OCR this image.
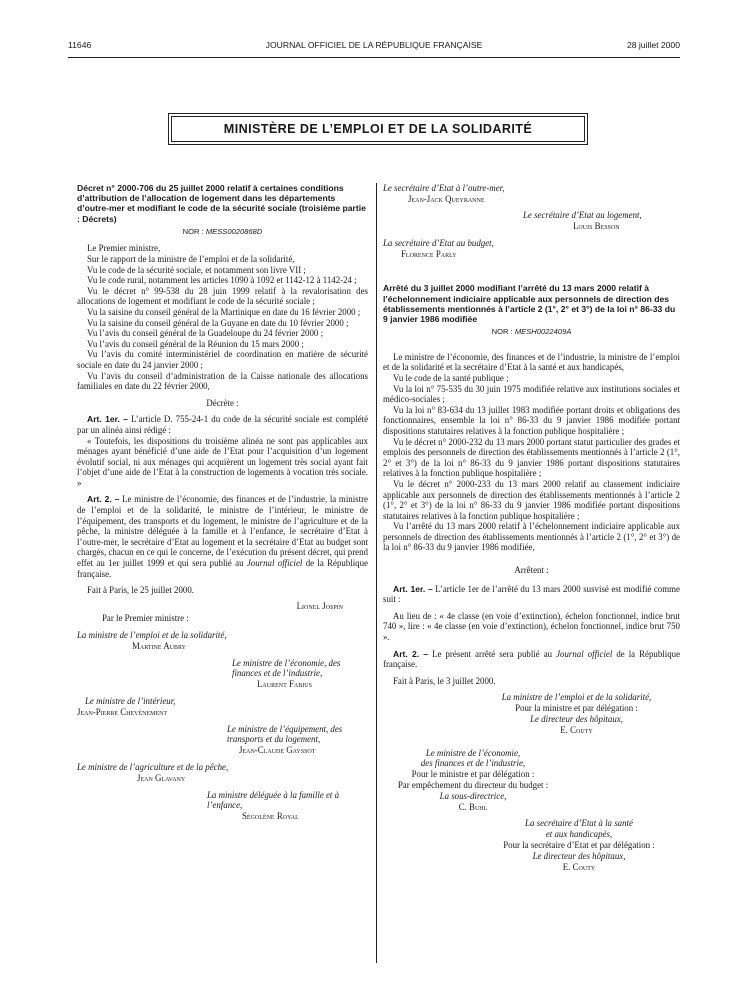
11646	JOURNAL OFFICIEL DE LA RÉPUBLIQUE FRANÇAISE	28 juillet 2000
MINISTÈRE DE L’EMPLOI ET DE LA SOLIDARITÉ
Décret n° 2000-706 du 25 juillet 2000 relatif à certaines conditions d’attribution de l’allocation de logement dans les départements d’outre-mer et modifiant le code de la sécurité sociale (troisième partie : Décrets)
NOR : MESS0020868D

Le Premier ministre,

Sur le rapport de la ministre de l’emploi et de la solidarité,

Vu le code de la sécurité sociale, et notamment son livre VII ;

Vu le code rural, notamment les articles 1090 à 1092 et 1142-12 à 1142-24 ;

Vu le décret n° 99-538 du 28 juin 1999 relatif à la revalorisation des allocations de logement et modifiant le code de la sécurité sociale ;

Vu la saisine du conseil général de la Martinique en date du 16 février 2000 ;

Vu la saisine du conseil général de la Guyane en date du 10 février 2000 ;

Vu l’avis du conseil général de la Guadeloupe du 24 février 2000 ;

Vu l’avis du conseil général de la Réunion du 15 mars 2000 ;

Vu l’avis du comité interministériel de coordination en matière de sécurité sociale en date du 24 janvier 2000 ;

Vu l’avis du conseil d’administration de la Caisse nationale des allocations familiales en date du 22 février 2000,

Décrète :

Art. 1er. – L’article D. 755-24-1 du code de la sécurité sociale est complété par un alinéa ainsi rédigé :

« Toutefois, les dispositions du troisième alinéa ne sont pas applicables aux ménages ayant bénéficié d’une aide de l’Etat pour l’acquisition d’un logement évolutif social, ni aux ménages qui acquièrent un logement très social ayant fait l’objet d’une aide de l’Etat à la construction de logements à vocation très sociale. »

Art. 2. – Le ministre de l’économie, des finances et de l’industrie, la ministre de l’emploi et de la solidarité, le ministre de l’intérieur, le ministre de l’équipement, des transports et du logement, le ministre de l’agriculture et de la pêche, la ministre déléguée à la famille et à l’enfance, le secrétaire d’Etat à l’outre-mer, le secrétaire d’Etat au logement et la secrétaire d’Etat au budget sont chargés, chacun en ce qui le concerne, de l’exécution du présent décret, qui prend effet au 1er juillet 1999 et qui sera publié au Journal officiel de la République française.

Fait à Paris, le 25 juillet 2000.

Lionel Jospin
Par le Premier ministre :
La ministre de l’emploi et de la solidarité,
Martine Aubry
Le ministre de l’économie, des finances et de l’industrie,
Laurent Fabius
Le ministre de l’intérieur,
Jean-Pierre Chevènement
Le ministre de l’équipement, des transports et du logement,
Jean-Claude Gayssot
Le ministre de l’agriculture et de la pêche,
Jean Glavany
La ministre déléguée à la famille et à l’enfance,
Ségolène Royal
Le secrétaire d’Etat à l’outre-mer,
Jean-Jack Queyranne
Le secrétaire d’Etat au logement,
Louis Besson
La secrétaire d’Etat au budget,
Florence Parly
Arrêté du 3 juillet 2000 modifiant l’arrêté du 13 mars 2000 relatif à l’échelonnement indiciaire applicable aux personnels de direction des établissements mentionnés à l’article 2 (1°, 2° et 3°) de la loi n° 86-33 du 9 janvier 1986 modifiée
NOR : MESH0022409A

Le ministre de l’économie, des finances et de l’industrie, la ministre de l’emploi et de la solidarité et la secrétaire d’Etat à la santé et aux handicapés,

Vu le code de la santé publique ;

Vu la loi n° 75-535 du 30 juin 1975 modifiée relative aux institutions sociales et médico-sociales ;

Vu la loi n° 83-634 du 13 juillet 1983 modifiée portant droits et obligations des fonctionnaires, ensemble la loi n° 86-33 du 9 janvier 1986 modifiée portant dispositions statutaires relatives à la fonction publique hospitalière ;

Vu le décret n° 2000-232 du 13 mars 2000 portant statut particulier des grades et emplois des personnels de direction des établissements mentionnés à l’article 2 (1°, 2° et 3°) de la loi n° 86-33 du 9 janvier 1986 portant dispositions statutaires relatives à la fonction publique hospitalière ;

Vu le décret n° 2000-233 du 13 mars 2000 relatif au classement indiciaire applicable aux personnels de direction des établissements mentionnés à l’article 2 (1°, 2° et 3°) de la loi n° 86-33 du 9 janvier 1986 modifiée portant dispositions statutaires relatives à la fonction publique hospitalière ;

Vu l’arrêté du 13 mars 2000 relatif à l’échelonnement indiciaire applicable aux personnels de direction des établissements mentionnés à l’article 2 (1°, 2° et 3°) de la loi n° 86-33 du 9 janvier 1986 modifiée,

Arrêtent :

Art. 1er. – L’article 1er de l’arrêté du 13 mars 2000 susvisé est modifié comme suit :

Au lieu de : « 4e classe (en voie d’extinction), échelon fonctionnel, indice brut 740 », lire : « 4e classe (en voie d’extinction), échelon fonctionnel, indice brut 750 ».

Art. 2. – Le présent arrêté sera publié au Journal officiel de la République française.

Fait à Paris, le 3 juillet 2000.

La ministre de l’emploi et de la solidarité,
Pour la ministre et par délégation :
Le directeur des hôpitaux,
E. Couty
Le ministre de l’économie,
des finances et de l’industrie,
Pour le ministre et par délégation :
Par empêchement du directeur du budget :
La sous-directrice,
C. Buhl
La secrétaire d’Etat à la santé
et aux handicapés,
Pour la secrétaire d’Etat et par délégation :
Le directeur des hôpitaux,
E. Couty
